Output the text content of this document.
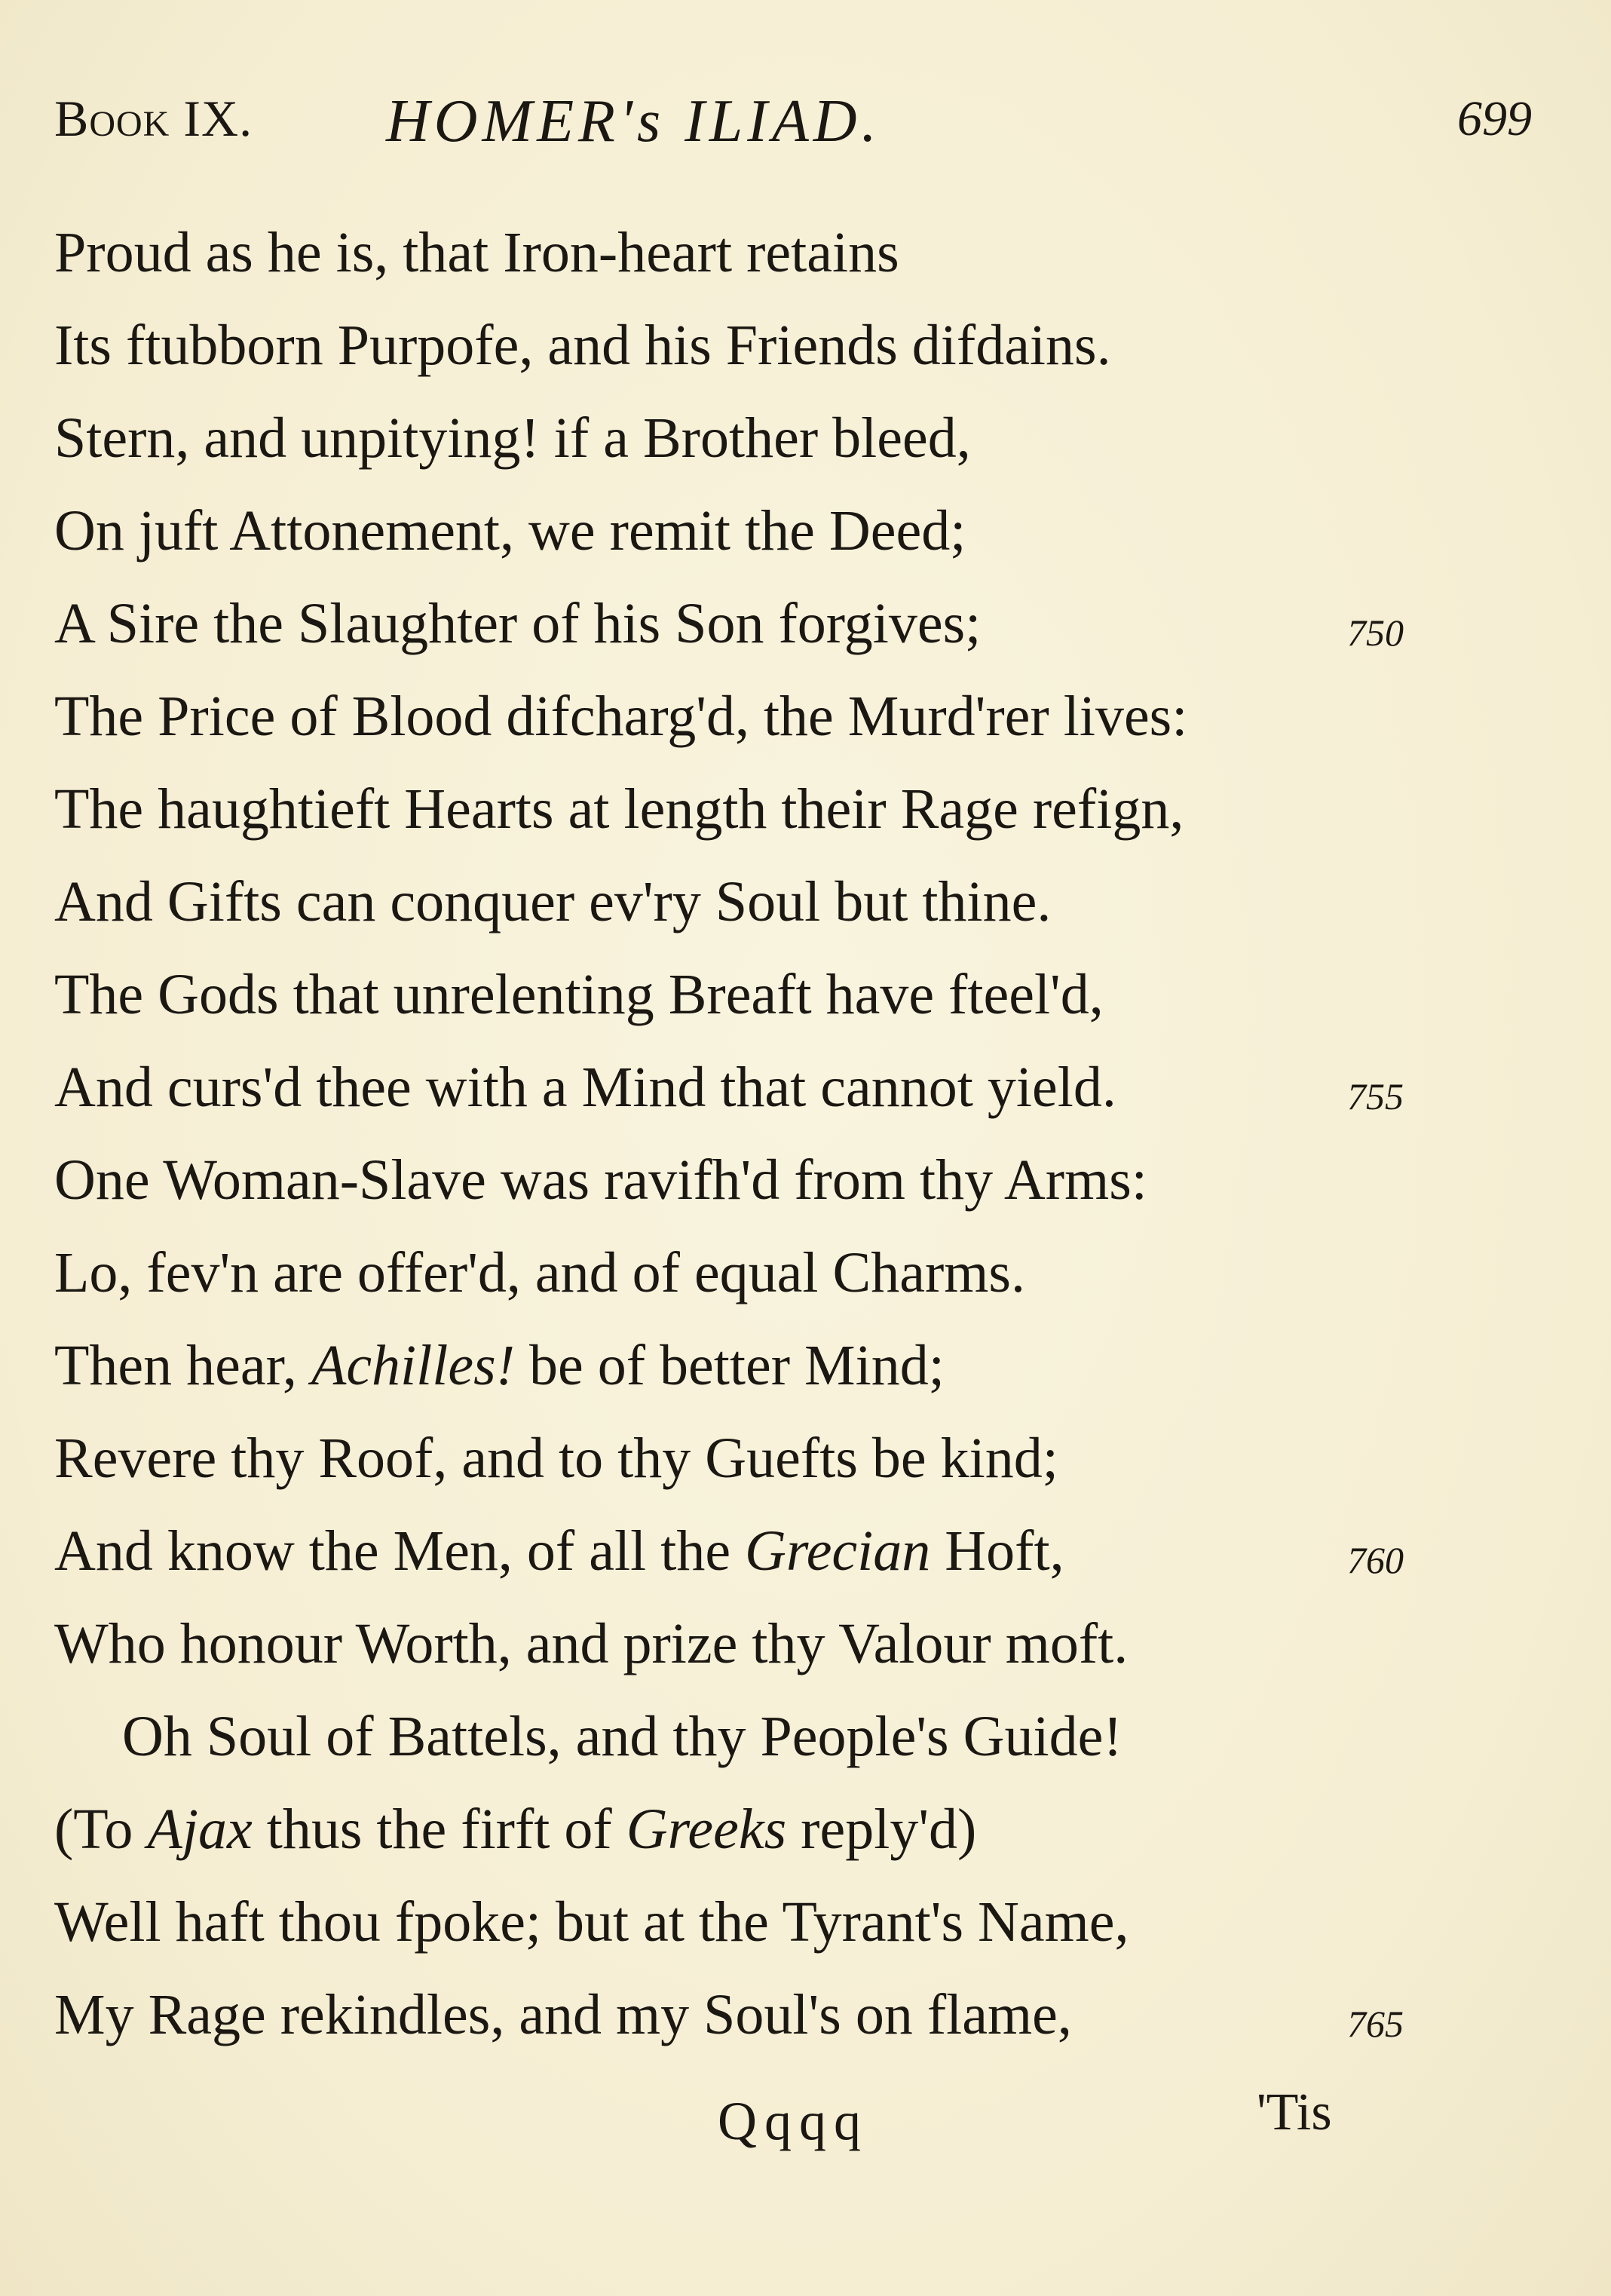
Book IX. HOMER's ILIAD.	699
Proud as he is, that Iron-heart retains
Its ftubborn Purpofe, and his Friends difdains.
Stern, and unpitying! if a Brother bleed,
On juft Attonement, we remit the Deed;
A Sire the Slaughter of his Son forgives;	750
The Price of Blood difcharg'd, the Murd'rer lives:
The haughtieft Hearts at length their Rage refign,
And Gifts can conquer ev'ry Soul but thine.
The Gods that unrelenting Breaft have fteel'd,
And curs'd thee with a Mind that cannot yield.	755
One Woman-Slave was ravifh'd from thy Arms:
Lo, fev'n are offer'd, and of equal Charms.
Then hear, Achilles! be of better Mind;
Revere thy Roof, and to thy Guefts be kind;
And know the Men, of all the Grecian Hoft,	760
Who honour Worth, and prize thy Valour moft.
Oh Soul of Battels, and thy People's Guide!
(To Ajax thus the firft of Greeks reply'd)
Well haft thou fpoke; but at the Tyrant's Name,
My Rage rekindles, and my Soul's on flame,	765
Qqqq	'Tis
